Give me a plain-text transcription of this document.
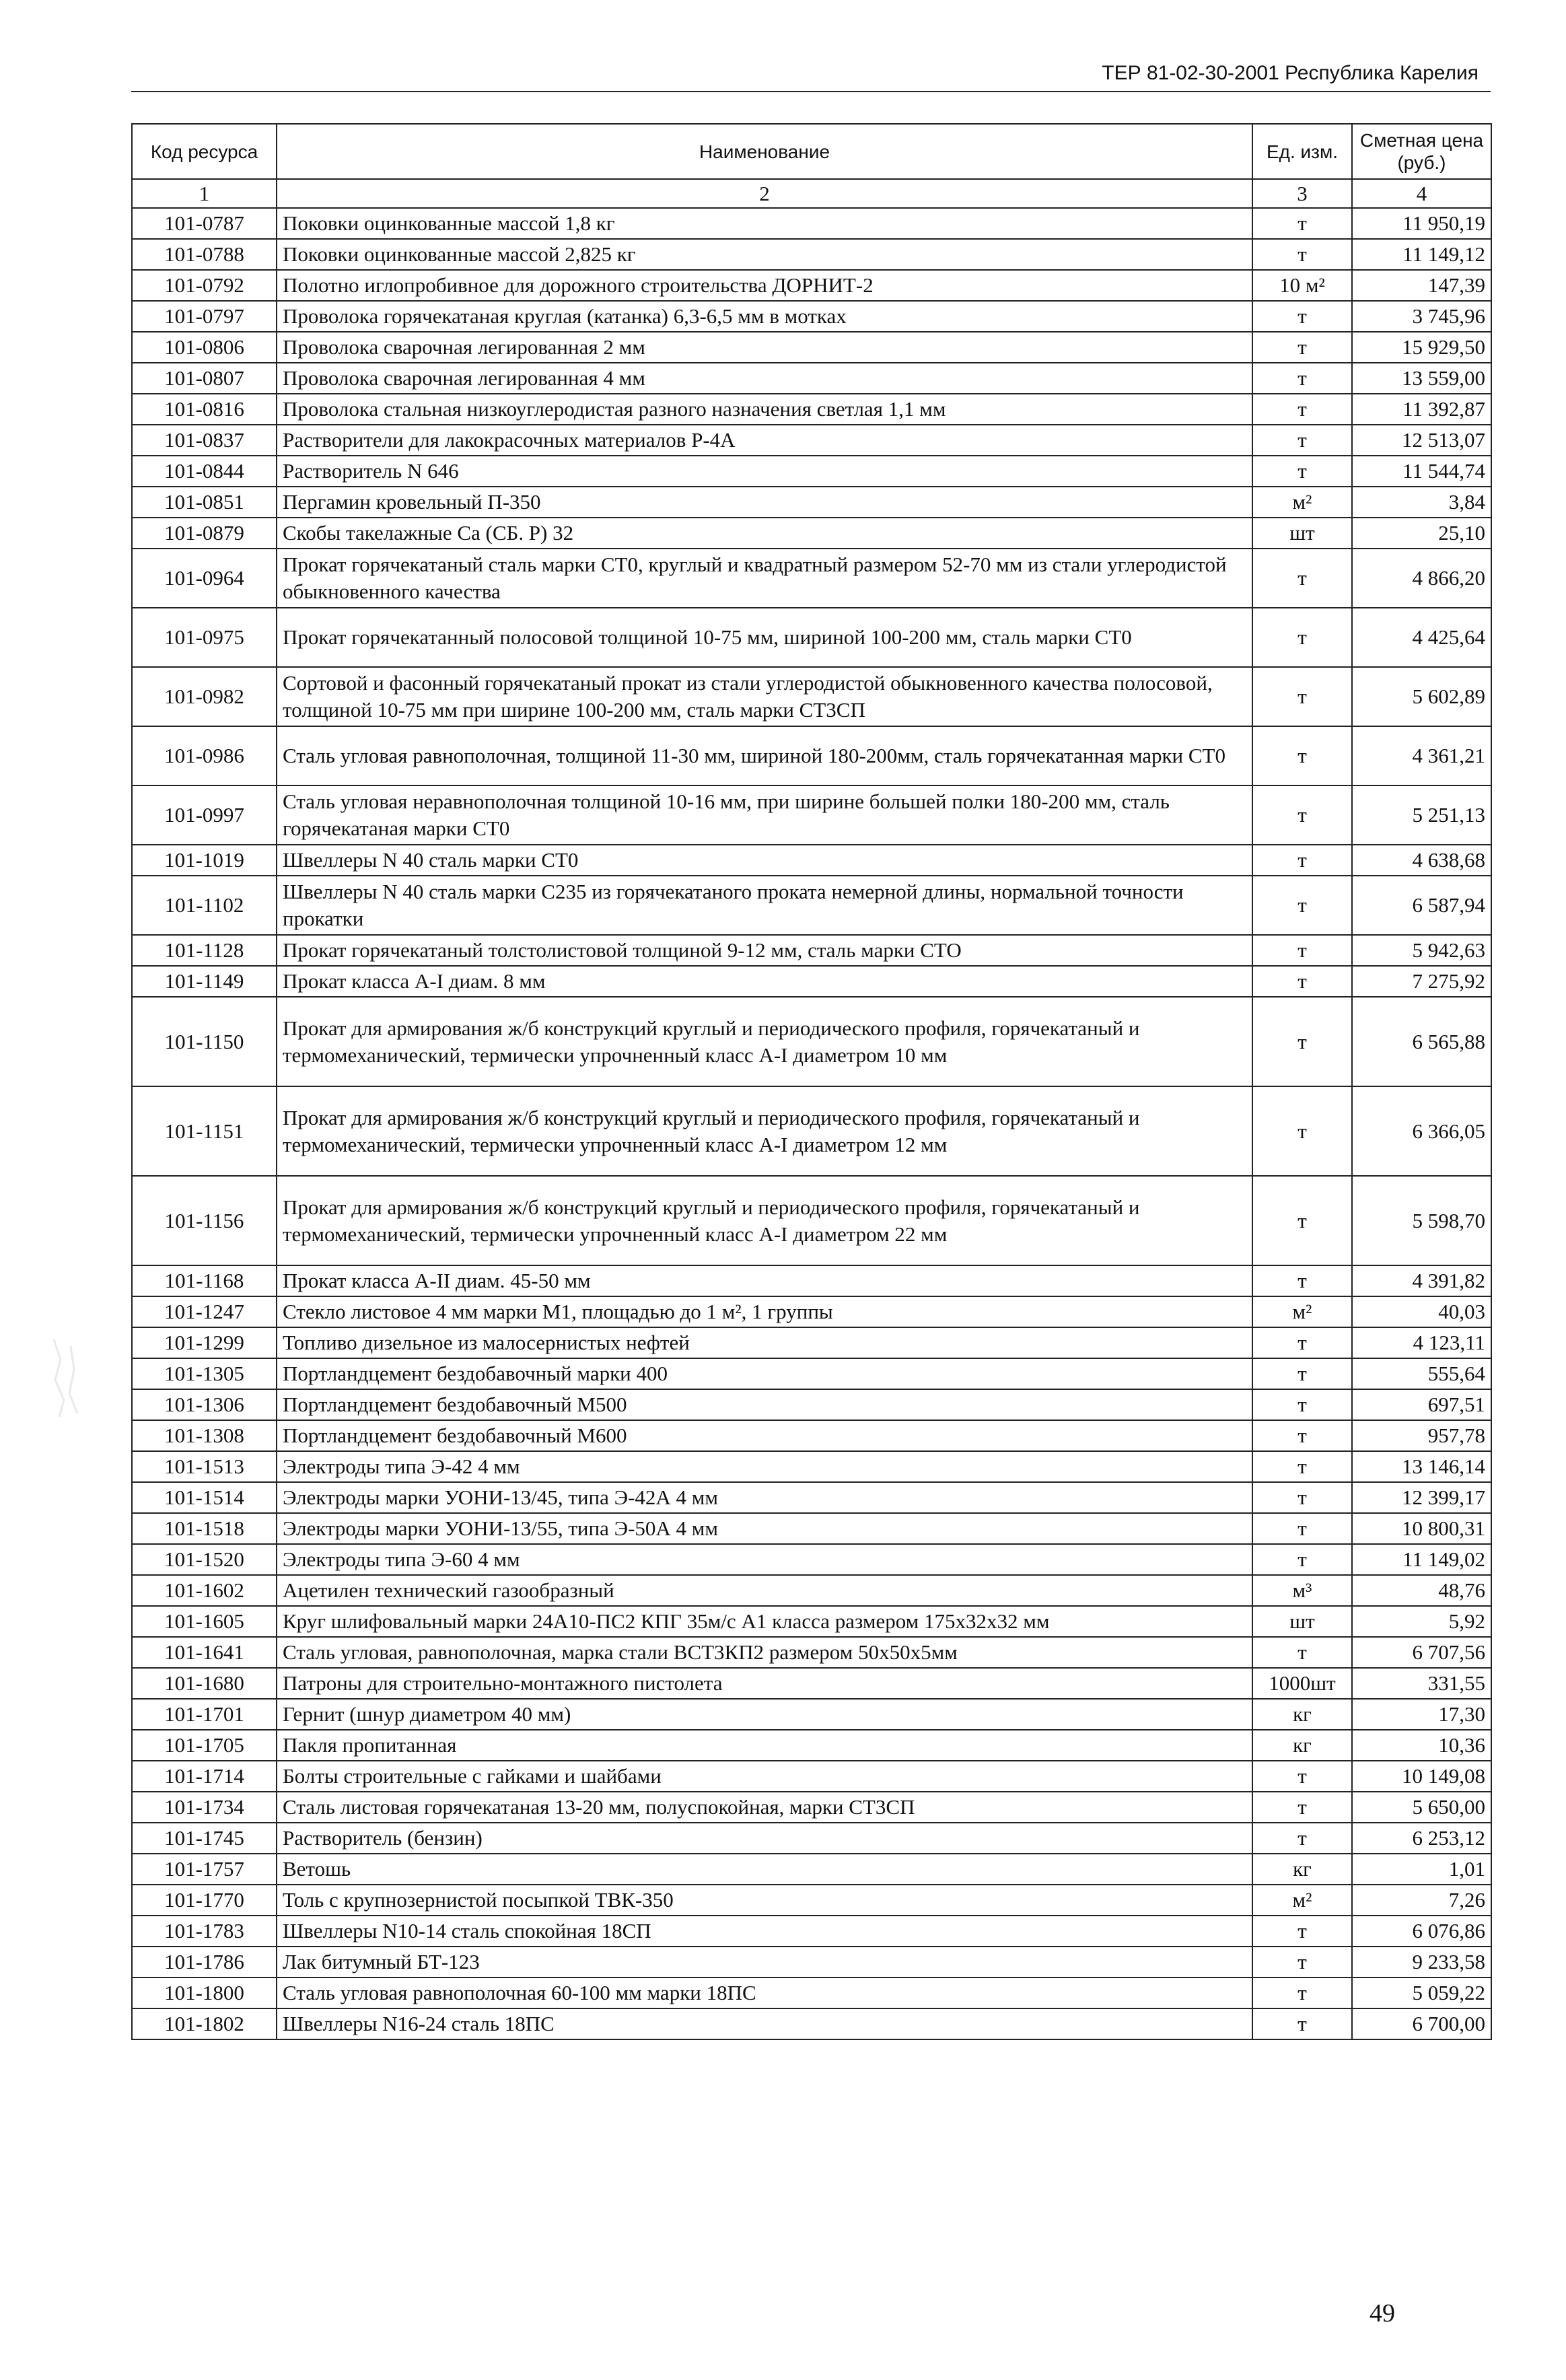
ТЕР 81-02-30-2001 Республика Карелия
Код ресурса	Наименование	Ед. изм.	Сметная цена (руб.)
1	2	3	4
101-0787	Поковки оцинкованные массой 1,8 кг	т	11 950,19
101-0788	Поковки оцинкованные массой 2,825 кг	т	11 149,12
101-0792	Полотно иглопробивное для дорожного строительства ДОРНИТ-2	10 м²	147,39
101-0797	Проволока горячекатаная круглая (катанка) 6,3-6,5 мм в мотках	т	3 745,96
101-0806	Проволока сварочная легированная 2 мм	т	15 929,50
101-0807	Проволока сварочная легированная 4 мм	т	13 559,00
101-0816	Проволока стальная низкоуглеродистая разного назначения светлая 1,1 мм	т	11 392,87
101-0837	Растворители для лакокрасочных материалов Р-4А	т	12 513,07
101-0844	Растворитель N 646	т	11 544,74
101-0851	Пергамин кровельный П-350	м²	3,84
101-0879	Скобы такелажные Са (СБ. Р) 32	шт	25,10
101-0964	Прокат горячекатаный сталь марки СТ0, круглый и квадратный размером 52-70 мм из стали углеродистой обыкновенного качества	т	4 866,20
101-0975	Прокат горячекатанный полосовой толщиной 10-75 мм, шириной 100-200 мм, сталь марки СТ0	т	4 425,64
101-0982	Сортовой и фасонный горячекатаный прокат из стали углеродистой обыкновенного качества полосовой, толщиной 10-75 мм при ширине 100-200 мм, сталь марки СТ3СП	т	5 602,89
101-0986	Сталь угловая равнополочная, толщиной 11-30 мм, шириной 180-200мм, сталь горячекатанная марки СТ0	т	4 361,21
101-0997	Сталь угловая неравнополочная толщиной 10-16 мм, при ширине большей полки 180-200 мм, сталь горячекатаная марки СТ0	т	5 251,13
101-1019	Швеллеры N 40 сталь марки СТ0	т	4 638,68
101-1102	Швеллеры N 40 сталь марки С235 из горячекатаного проката немерной длины, нормальной точности прокатки	т	6 587,94
101-1128	Прокат горячекатаный толстолистовой толщиной 9-12 мм, сталь марки СТО	т	5 942,63
101-1149	Прокат класса А-I диам. 8 мм	т	7 275,92
101-1150	Прокат для армирования ж/б конструкций круглый и периодического профиля, горячекатаный и термомеханический, термически упрочненный класс А-I диаметром 10 мм	т	6 565,88
101-1151	Прокат для армирования ж/б конструкций круглый и периодического профиля, горячекатаный и термомеханический, термически упрочненный класс А-I диаметром 12 мм	т	6 366,05
101-1156	Прокат для армирования ж/б конструкций круглый и периодического профиля, горячекатаный и термомеханический, термически упрочненный класс А-I диаметром 22 мм	т	5 598,70
101-1168	Прокат класса А-II диам. 45-50 мм	т	4 391,82
101-1247	Стекло листовое 4 мм марки М1, площадью до 1 м², 1 группы	м²	40,03
101-1299	Топливо дизельное из малосернистых нефтей	т	4 123,11
101-1305	Портландцемент бездобавочный марки 400	т	555,64
101-1306	Портландцемент бездобавочный М500	т	697,51
101-1308	Портландцемент бездобавочный М600	т	957,78
101-1513	Электроды типа Э-42 4 мм	т	13 146,14
101-1514	Электроды марки УОНИ-13/45, типа Э-42А 4 мм	т	12 399,17
101-1518	Электроды марки УОНИ-13/55, типа Э-50А 4 мм	т	10 800,31
101-1520	Электроды типа Э-60 4 мм	т	11 149,02
101-1602	Ацетилен технический газообразный	м³	48,76
101-1605	Круг шлифовальный марки 24А10-ПС2 КПГ 35м/с А1 класса размером 175х32х32 мм	шт	5,92
101-1641	Сталь угловая, равнополочная, марка стали ВСТ3КП2 размером 50х50х5мм	т	6 707,56
101-1680	Патроны для строительно-монтажного пистолета	1000шт	331,55
101-1701	Гернит (шнур диаметром 40 мм)	кг	17,30
101-1705	Пакля пропитанная	кг	10,36
101-1714	Болты строительные с гайками и шайбами	т	10 149,08
101-1734	Сталь листовая горячекатаная 13-20 мм, полуспокойная, марки СТ3СП	т	5 650,00
101-1745	Растворитель (бензин)	т	6 253,12
101-1757	Ветошь	кг	1,01
101-1770	Толь с крупнозернистой посыпкой ТВК-350	м²	7,26
101-1783	Швеллеры N10-14 сталь спокойная 18СП	т	6 076,86
101-1786	Лак битумный БТ-123	т	9 233,58
101-1800	Сталь угловая равнополочная 60-100 мм марки 18ПС	т	5 059,22
101-1802	Швеллеры N16-24 сталь 18ПС	т	6 700,00
49
